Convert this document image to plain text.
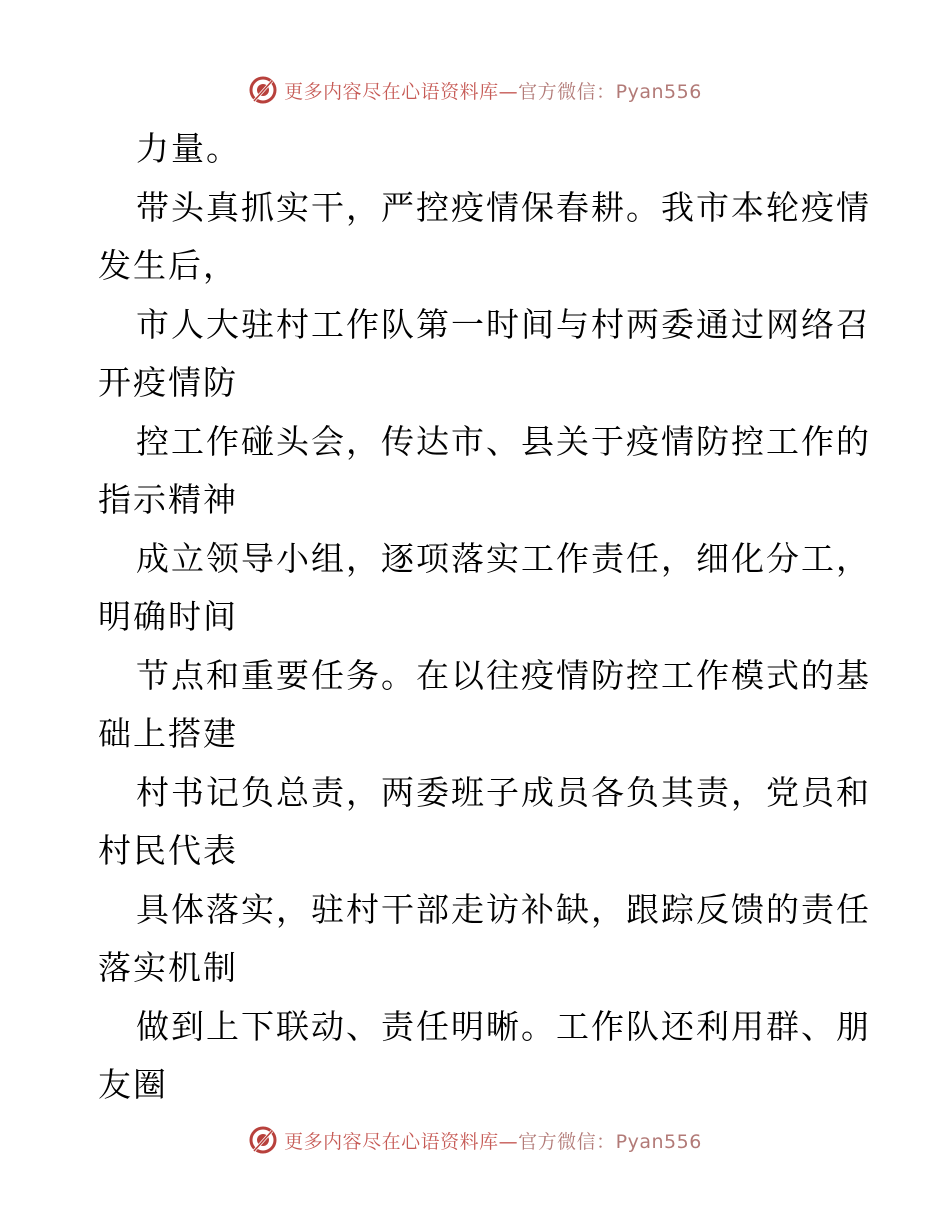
更多内容尽在心语资料库—官方微信：Pyan556
力量。
带头真抓实干，严控疫情保春耕。我市本轮疫情
发生后，
市人大驻村工作队第一时间与村两委通过网络召
开疫情防
控工作碰头会，传达市、县关于疫情防控工作的
指示精神
成立领导小组，逐项落实工作责任，细化分工，
明确时间
节点和重要任务。在以往疫情防控工作模式的基
础上搭建
村书记负总责，两委班子成员各负其责，党员和
村民代表
具体落实，驻村干部走访补缺，跟踪反馈的责任
落实机制
做到上下联动、责任明晰。工作队还利用群、朋
友圈
更多内容尽在心语资料库—官方微信：Pyan556
